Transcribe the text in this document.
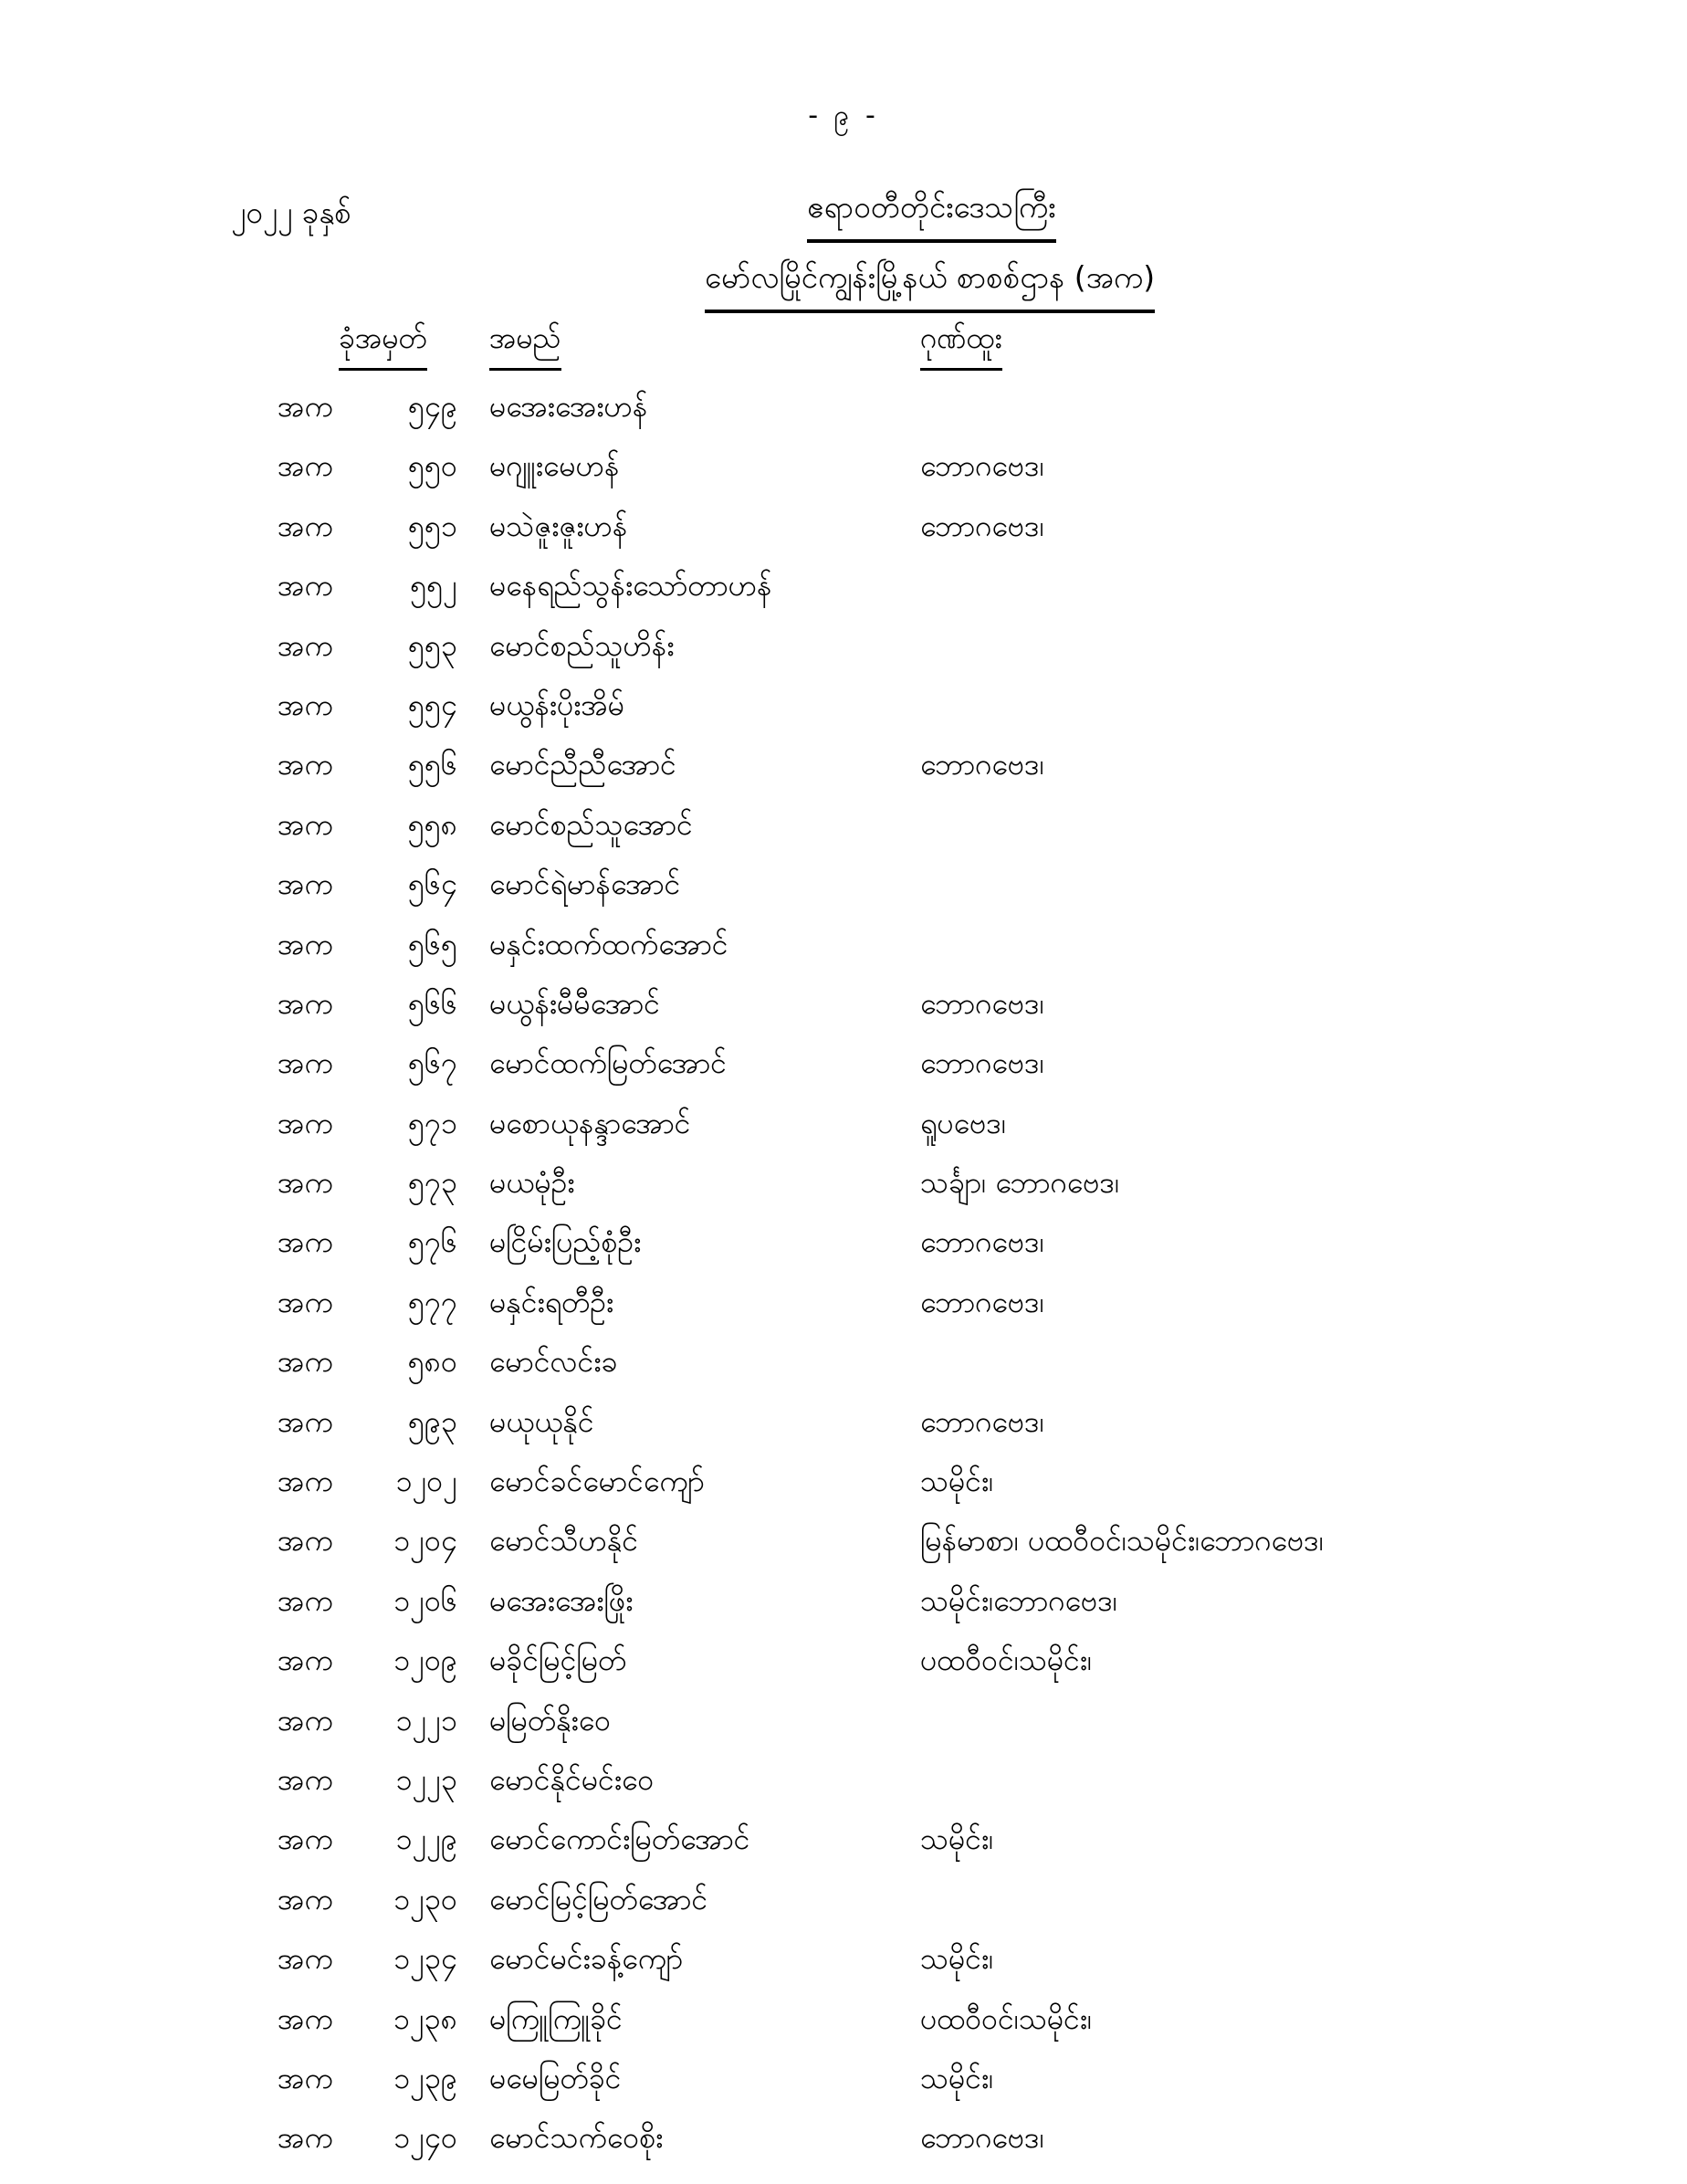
- ၉ -
၂၀၂၂ ခုနှစ်	ဧရာဝတီတိုင်းဒေသကြီး
မော်လမြိုင်ကျွန်းမြို့နယ် စာစစ်ဌာန (အက)
ခုံအမှတ် အမည်	ဂုဏ်ထူး
အက	၅၄၉ မအေးအေးဟန်
အက	၅၅၀ မဂျူးမေဟန်	ဘောဂဗေဒ၊
အက	၅၅၁ မသဲဇူးဇူးဟန်	ဘောဂဗေဒ၊
အက	၅၅၂ မနေရည်သွန်းသော်တာဟန်
အက	၅၅၃ မောင်စည်သူဟိန်း
အက	၅၅၄ မယွန်းပိုးအိမ်
အက	၅၅၆ မောင်ညီညီအောင်	ဘောဂဗေဒ၊
အက	၅၅၈ မောင်စည်သူအောင်
အက	၅၆၄ မောင်ရဲမာန်အောင်
အက	၅၆၅ မနှင်းထက်ထက်အောင်
အက	၅၆၆ မယွန်းမီမီအောင်	ဘောဂဗေဒ၊
အက	၅၆၇ မောင်ထက်မြတ်အောင်	ဘောဂဗေဒ၊
အက	၅၇၁ မစောယုနန္ဒာအောင်	ရူပဗေဒ၊
အက	၅၇၃ မယမုံဦး	သင်္ချာ၊ ဘောဂဗေဒ၊
အက	၅၇၆ မငြိမ်းပြည့်စုံဦး	ဘောဂဗေဒ၊
အက	၅၇၇ မနှင်းရတီဦး	ဘောဂဗေဒ၊
အက	၅၈၀ မောင်လင်းခ
အက	၅၉၃ မယုယုနိုင်	ဘောဂဗေဒ၊
အက	၁၂၀၂ မောင်ခင်မောင်ကျော်	သမိုင်း၊
အက	၁၂၀၄ မောင်သီဟနိုင်	မြန်မာစာ၊ ပထဝီဝင်၊သမိုင်း၊ဘောဂဗေဒ၊
အက	၁၂၀၆ မအေးအေးဖြိုး	သမိုင်း၊ဘောဂဗေဒ၊
အက	၁၂၀၉ မခိုင်မြင့်မြတ်	ပထဝီဝင်၊သမိုင်း၊
အက	၁၂၂၁ မမြတ်နိုးဝေ
အက	၁၂၂၃ မောင်နိုင်မင်းဝေ
အက	၁၂၂၉ မောင်ကောင်းမြတ်အောင်	သမိုင်း၊
အက	၁၂၃၀ မောင်မြင့်မြတ်အောင်
အက	၁၂၃၄ မောင်မင်းခန့်ကျော်	သမိုင်း၊
အက	၁၂၃၈ မကြူကြူခိုင်	ပထဝီဝင်၊သမိုင်း၊
အက	၁၂၃၉ မမေမြတ်ခိုင်	သမိုင်း၊
အက	၁၂၄၀ မောင်သက်ဝေစိုး	ဘောဂဗေဒ၊
